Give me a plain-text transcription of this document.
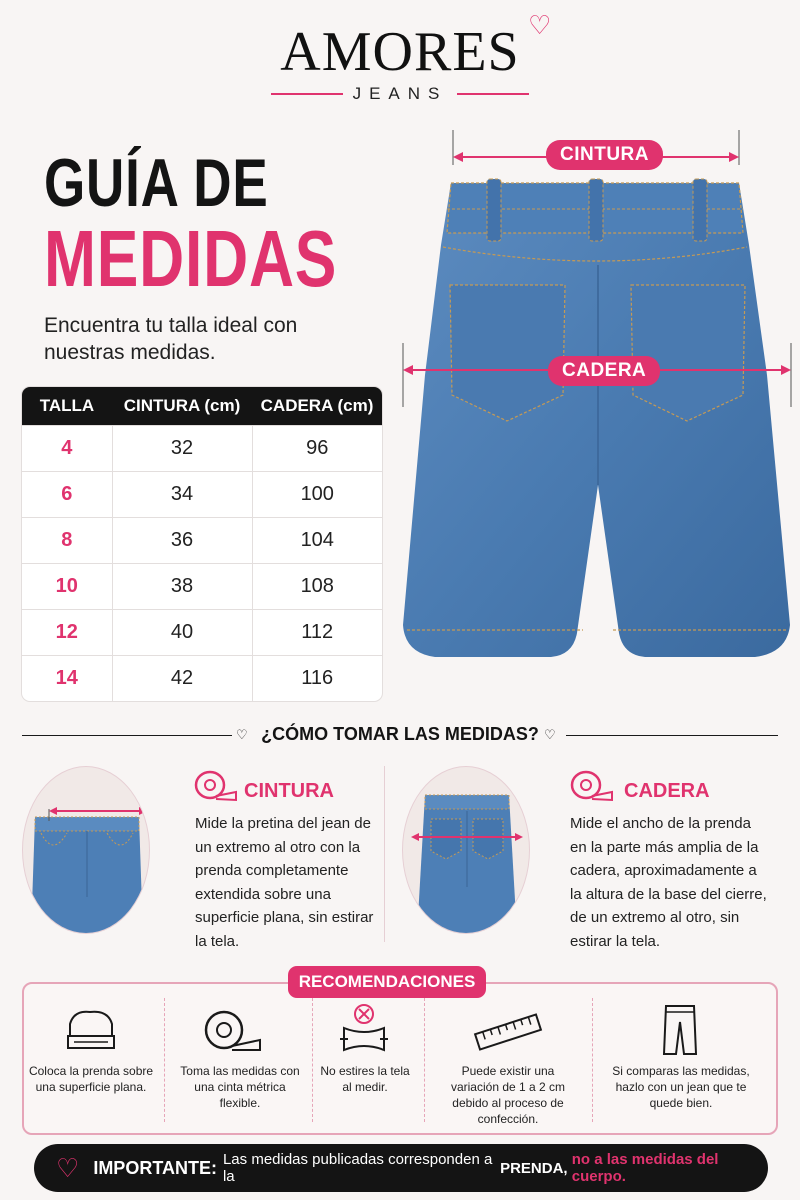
AMORES
JEANS
♡
GUÍA DE
MEDIDAS
Encuentra tu talla ideal con nuestras medidas.
TALLA	CINTURA (cm)	CADERA (cm)
4	32	96
6	34	100
8	36	104
10	38	108
12	40	112
14	42	116
CINTURA
CADERA
♡	♡
¿CÓMO TOMAR LAS MEDIDAS?
CINTURA
Mide la pretina del jean de un extremo al otro con la prenda completamente extendida sobre una superficie plana, sin estirar la tela.
CADERA
Mide el ancho de la prenda en la parte más amplia de la cadera, aproximadamente a la altura de la base del cierre, de un extremo al otro, sin estirar la tela.
RECOMENDACIONES
Coloca la prenda sobre una superficie plana.
Toma las medidas con una cinta métrica flexible.
No estires la tela al medir.
Puede existir una variación de 1 a 2 cm debido al proceso de confección.
Si comparas las medidas, hazlo con un jean que te quede bien.
♡ IMPORTANTE: Las medidas publicadas corresponden a la
	PRENDA,
no a las medidas del cuerpo.
